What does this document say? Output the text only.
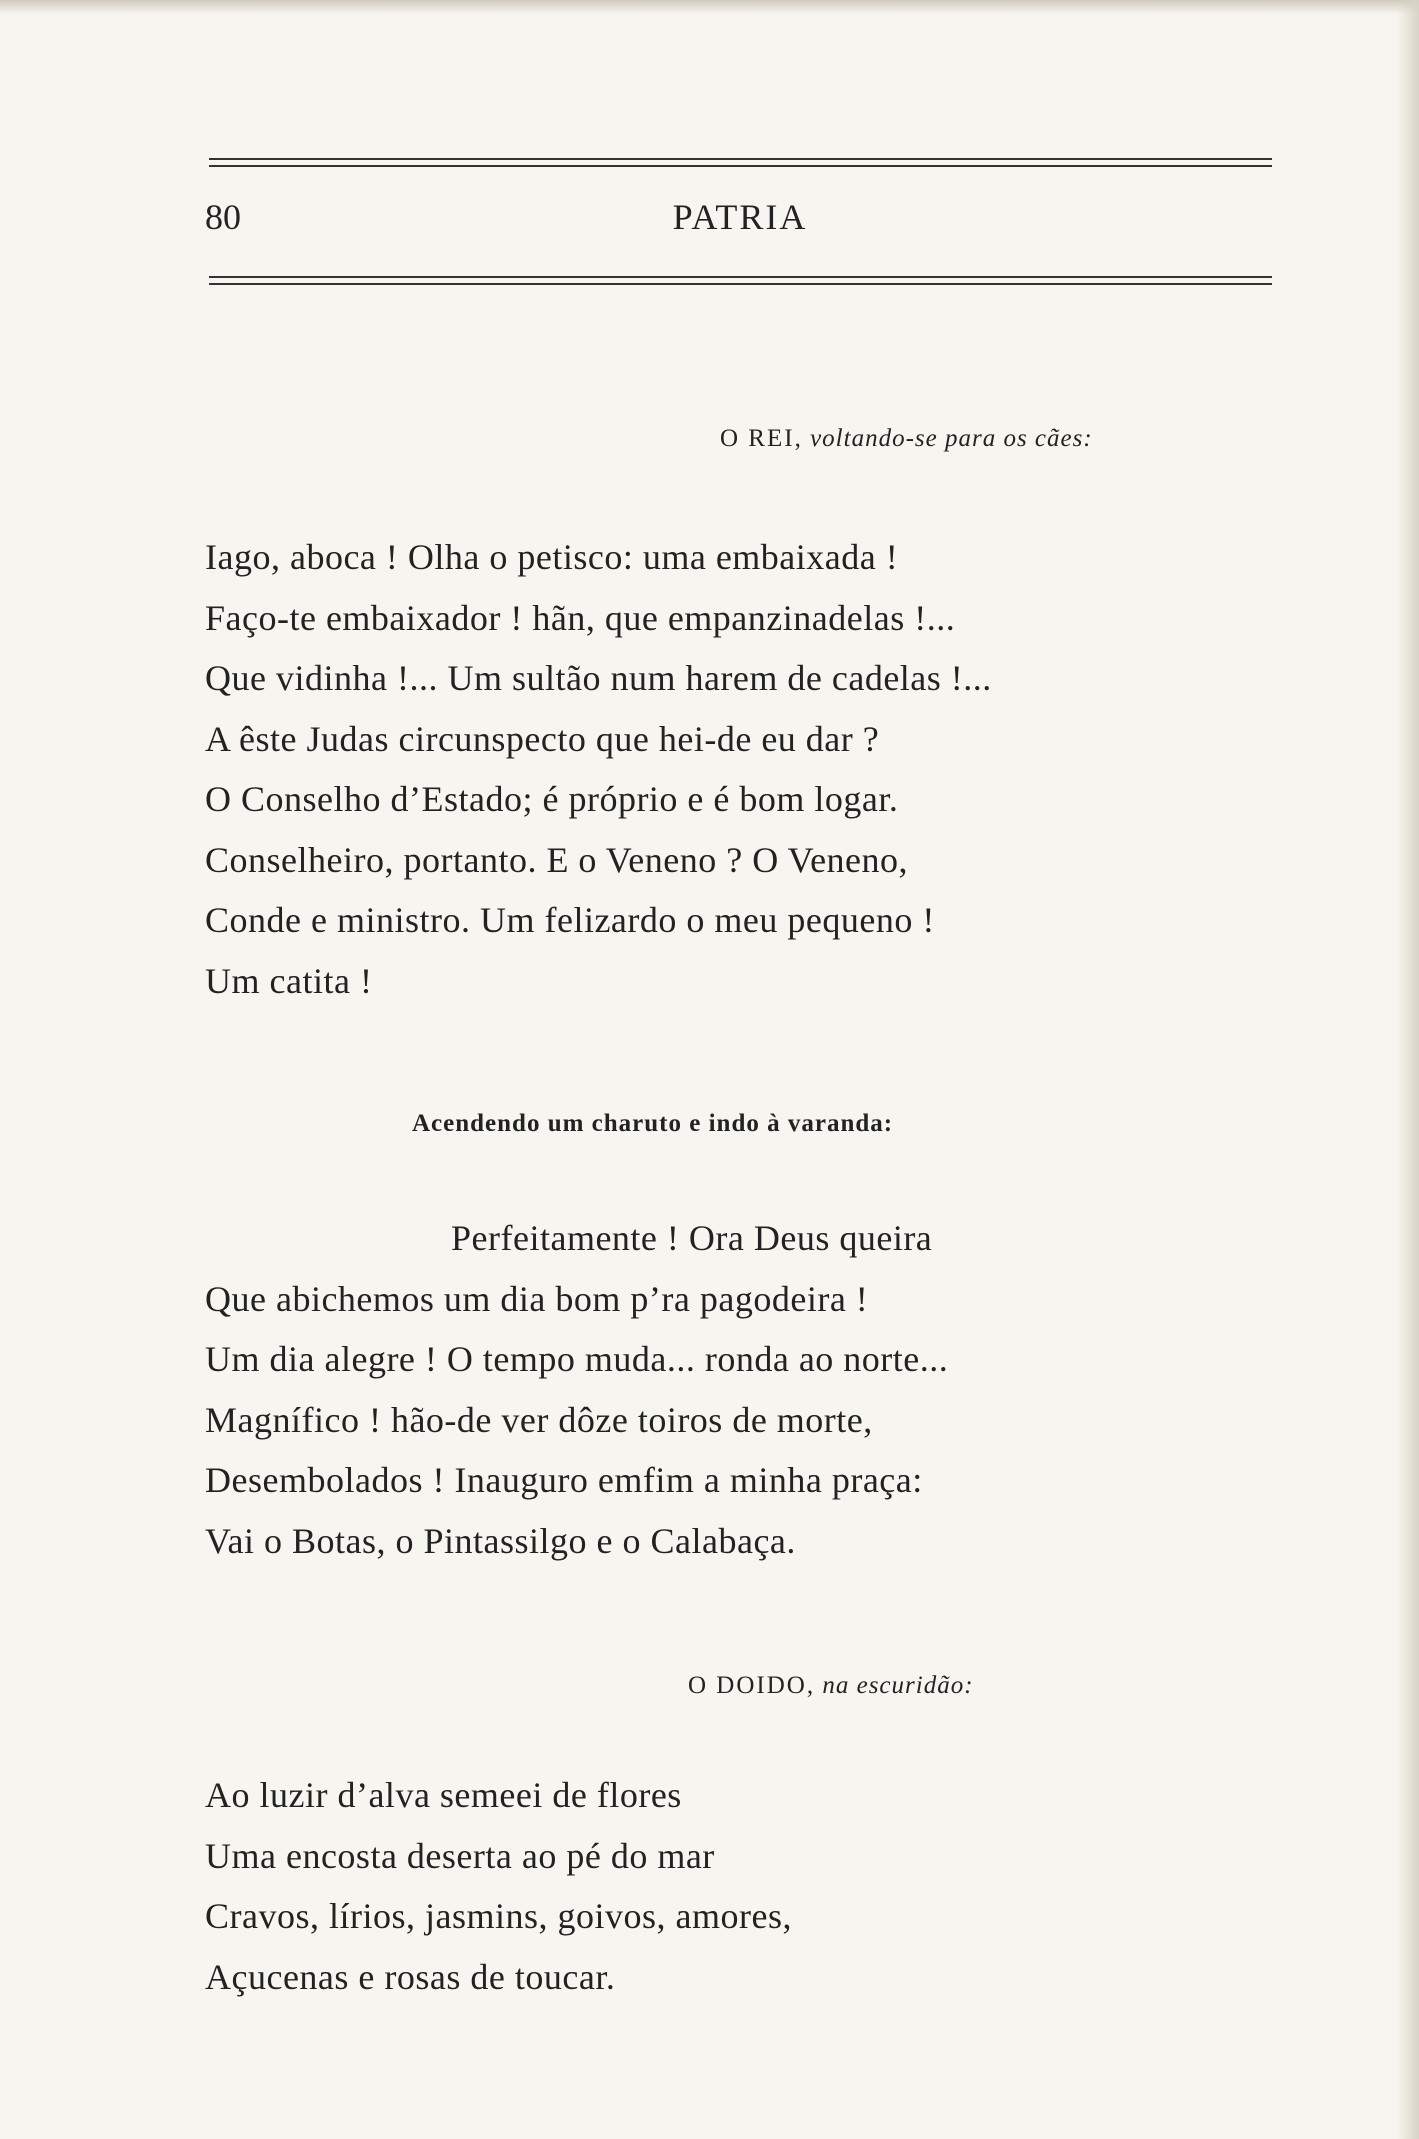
80	PATRIA
O REI, voltando-se para os cães:
Iago, aboca ! Olha o petisco: uma embaixada !
Faço-te embaixador ! hãn, que empanzinadelas !...
Que vidinha !... Um sultão num harem de cadelas !...
A êste Judas circunspecto que hei-de eu dar ?
O Conselho d’Estado; é próprio e é bom logar.
Conselheiro, portanto. E o Veneno ? O Veneno,
Conde e ministro. Um felizardo o meu pequeno !
Um catita !
Acendendo um charuto e indo à varanda:
Perfeitamente ! Ora Deus queira
Que abichemos um dia bom p’ra pagodeira !
Um dia alegre ! O tempo muda... ronda ao norte...
Magnífico ! hão-de ver dôze toiros de morte,
Desembolados ! Inauguro emfim a minha praça:
Vai o Botas, o Pintassilgo e o Calabaça.
O DOIDO, na escuridão:
Ao luzir d’alva semeei de flores
Uma encosta deserta ao pé do mar
Cravos, lírios, jasmins, goivos, amores,
Açucenas e rosas de toucar.
